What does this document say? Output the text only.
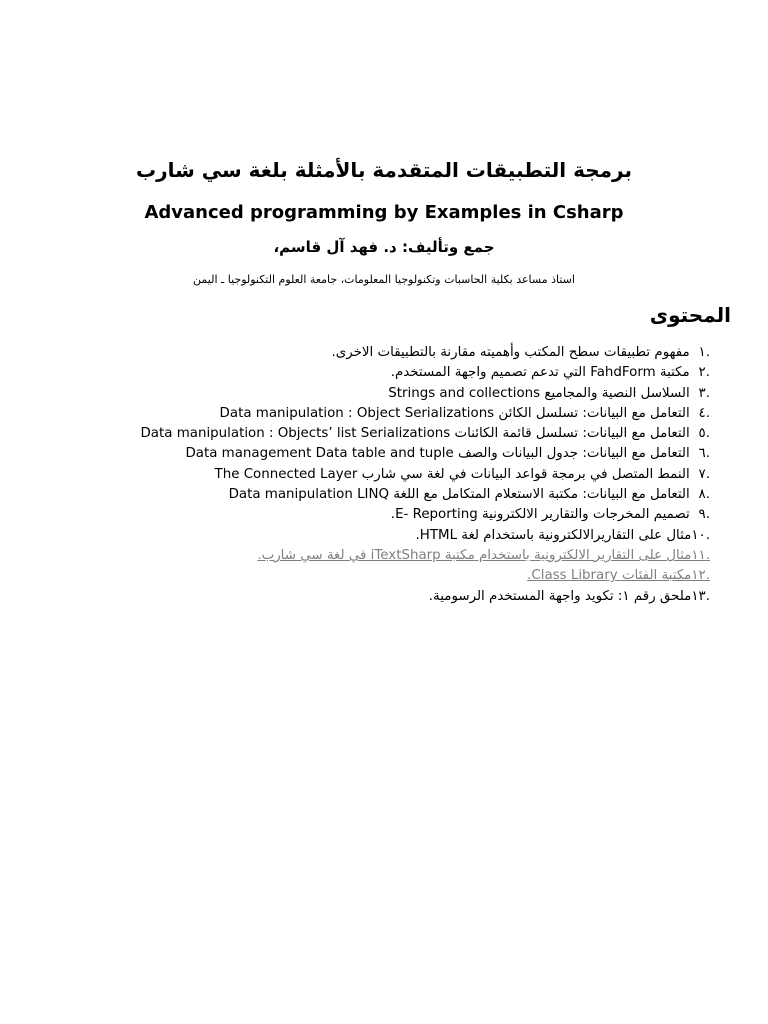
برمجة التطبيقات المتقدمة بالأمثلة بلغة سي شارب
Advanced programming by Examples in Csharp
جمع وتأليف: د. فهد آل قاسم،
استاذ مساعد بكلية الحاسبات وتكنولوجيا المعلومات، جامعة العلوم التكنولوجيا ـ اليمن
المحتوى
.١ مفهوم تطبيقات سطح المكتب وأهميته مقارنة بالتطبيقات الاخرى.
.٢ مكتبة FahdForm التي تدعم تصميم واجهة المستخدم.
.٣ السلاسل النصية والمجاميع Strings and collections
.٤ التعامل مع البيانات: تسلسل الكائن Data manipulation : Object Serializations
.٥ التعامل مع البيانات: تسلسل قائمة الكائنات Data manipulation : Objects’ list Serializations
.٦ التعامل مع البيانات: جدول البيانات والصف Data management Data table and tuple
.٧ النمط المتصل في برمجة قواعد البيانات في لغة سي شارب The Connected Layer
.٨ التعامل مع البيانات: مكتبة الاستعلام المتكامل مع اللغة Data manipulation LINQ
.٩ تصميم المخرجات والتقارير الالكترونية E- Reporting.
.١٠مثال على التقاريرالالكترونية باستخدام لغة HTML.
.١١مثال على التقارير الالكترونية باستخدام مكتبة iTextSharp في لغة سي شارب.
.١٢مكتبة الفئات Class Library.
.١٣ملحق رقم ١: تكويد واجهة المستخدم الرسومية.
